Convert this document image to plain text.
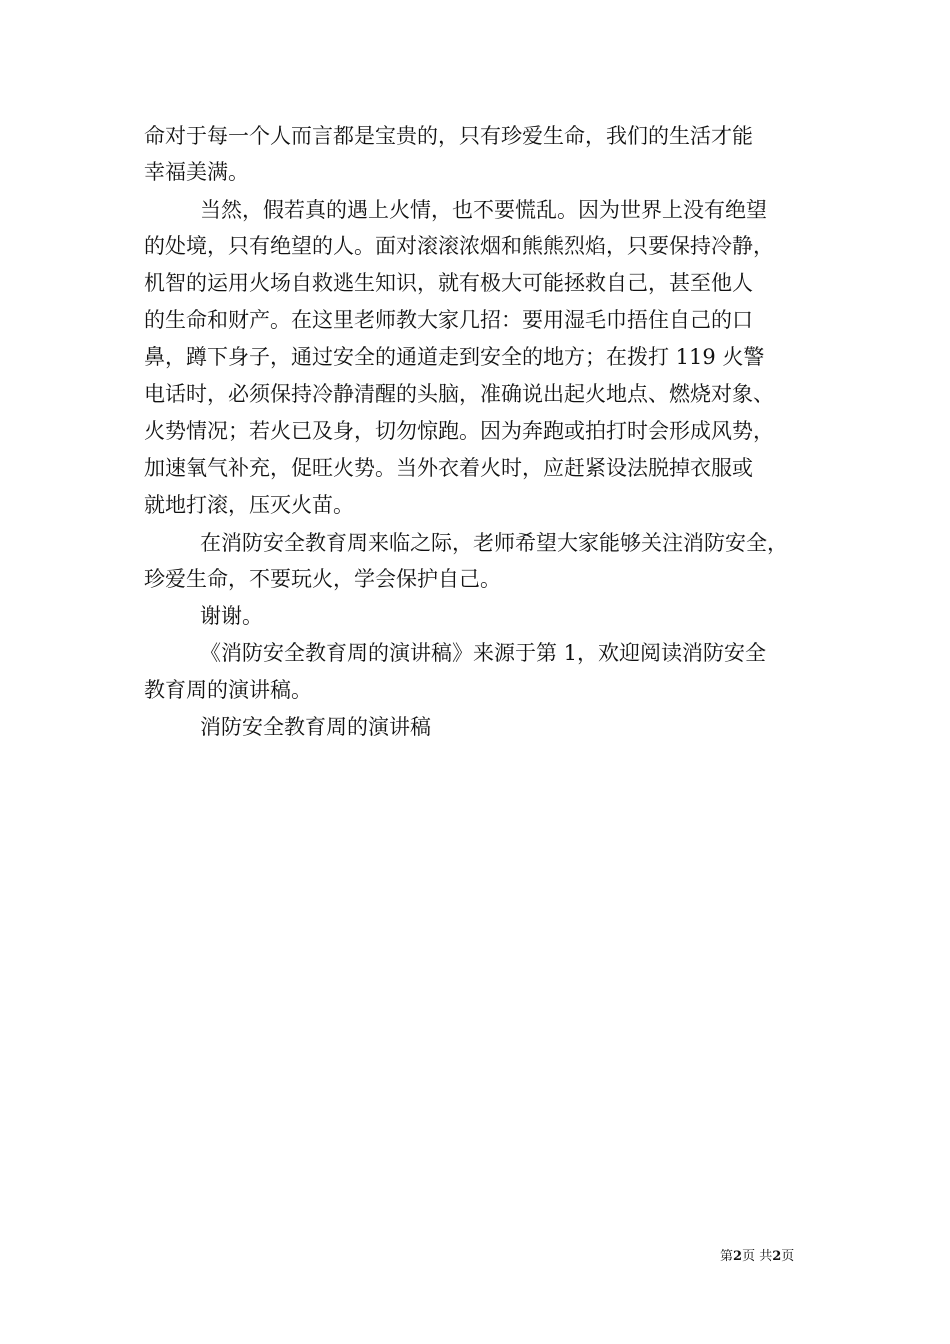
命对于每一个人而言都是宝贵的，只有珍爱生命，我们的生活才能
幸福美满。
当然，假若真的遇上火情，也不要慌乱。因为世界上没有绝望
的处境，只有绝望的人。面对滚滚浓烟和熊熊烈焰，只要保持冷静，
机智的运用火场自救逃生知识，就有极大可能拯救自己，甚至他人
的生命和财产。在这里老师教大家几招：要用湿毛巾捂住自己的口
鼻，蹲下身子，通过安全的通道走到安全的地方；在拨打 119 火警
电话时，必须保持冷静清醒的头脑，准确说出起火地点、燃烧对象、
火势情况；若火已及身，切勿惊跑。因为奔跑或拍打时会形成风势，
加速氧气补充，促旺火势。当外衣着火时，应赶紧设法脱掉衣服或
就地打滚，压灭火苗。
在消防安全教育周来临之际，老师希望大家能够关注消防安全，
珍爱生命，不要玩火，学会保护自己。
谢谢。
《消防安全教育周的演讲稿》来源于第 1，欢迎阅读消防安全
教育周的演讲稿。
消防安全教育周的演讲稿
第2页 共2页
